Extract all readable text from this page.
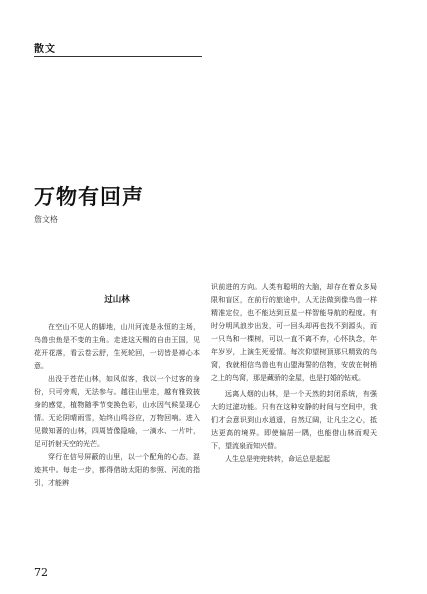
散文
万物有回声
詹文格
过山林

在空山不见人的脚地，山川河流是永恒的主场，鸟兽虫鱼是不变的主角。走进这天赐的自由王国，见花开花落，看云卷云舒，生死轮回，一切皆是禅心本意。

出没于苍茫山林，如风似客，我以一个过客的身份，只可旁观，无法参与。越往山里走，越有雅致披身的感觉，植物随季节变换色彩，山水因气候显现心情。无论阴晴雨雪，始终山鸣谷应，万物回响。进入见微知著的山林，四周皆像隐喻，一滴水、一片叶，足可折射天空的光芒。

穿行在信号屏蔽的山里，以一个配角的心态，混迹其中。每走一步，都得借助太阳的参照、河流的指引，才能辨

识前进的方向。人类有聪明的大脑，却存在着众多局限和盲区，在前行的旅途中，人无法做到像鸟兽一样精准定位，也不能达到亘星一样智能导航的程度。有时分明风浪步出发，可一回头却再也找不到源头，而一只鸟和一棵树，可以一直不离不弃，心怀执念，年年岁岁，上演生死爱情。每次仰望树顶那只精致的鸟窝，我就相信鸟兽也有山盟海誓的信物，安放在树梢之上的鸟窝，那是藏骄的金屋，也是打婚的钻戒。

远离人烟的山林，是一个天然的封闭系统，有强大的过滤功能。只有在这种安静的时间与空间中，我们才会意识到山水逍遥，自然辽阔，让凡尘之心，抵达更高的境界。即使偏居一隅，也能借山林而观天下，望流泉而知兴替。

人生总是兜兜转转，命运总是起起

72
